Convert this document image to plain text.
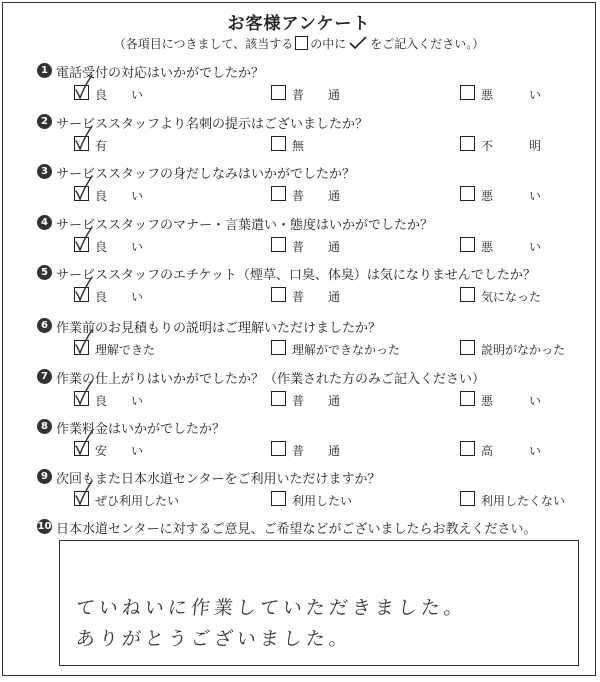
お客様アンケート
（各項目につきまして、該当する の中に をご記入ください。）
1 電話受付の対応はいかがでしたか？
良　　い	普　　通	悪　　　い
2 サービススタッフより名刺の提示はございましたか？
有	無	不　　　明
3 サービススタッフの身だしなみはいかがでしたか？
良　　い	普　　通	悪　　　い
4 サービススタッフのマナー・言葉遣い・態度はいかがでしたか？
良　　い	普　　通	悪　　　い
5 サービススタッフのエチケット（煙草、口臭、体臭）は気になりませんでしたか？
良　　い	普　　通	気になった
6 作業前のお見積もりの説明はご理解いただけましたか？
理解できた	理解ができなかった	説明がなかった
7 作業の仕上がりはいかがでしたか？（作業された方のみご記入ください）
良　　い	普　　通	悪　　　い
8 作業料金はいかがでしたか？
安　　い	普　　通	高　　　い
9 次回もまた日本水道センターをご利用いただけますか？
ぜひ利用したい	利用したい	利用したくない
10 日本水道センターに対するご意見、ご希望などがございましたらお教えください。
ていねいに作業していただきました。
ありがとうございました。
